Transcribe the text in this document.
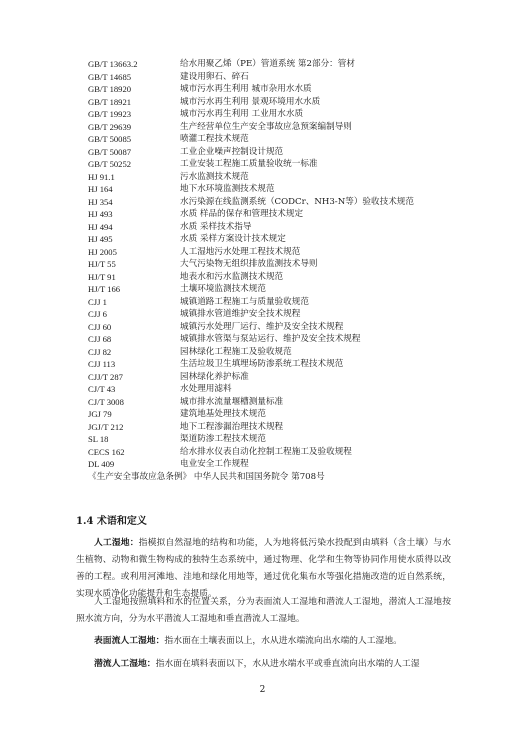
GB/T 13663.2	给水用聚乙烯（PE）管道系统 第2部分：管材
GB/T 14685	建设用卵石、碎石
GB/T 18920	城市污水再生利用 城市杂用水水质
GB/T 18921	城市污水再生利用 景观环境用水水质
GB/T 19923	城市污水再生利用 工业用水水质
GB/T 29639	生产经营单位生产安全事故应急预案编制导则
GB/T 50085	喷灌工程技术规范
GB/T 50087	工业企业噪声控制设计规范
GB/T 50252	工业安装工程施工质量验收统一标准
HJ 91.1	污水监测技术规范
HJ 164	地下水环境监测技术规范
HJ 354	水污染源在线监测系统（CODCr、NH3-N等）验收技术规范
HJ 493	水质 样品的保存和管理技术规定
HJ 494	水质 采样技术指导
HJ 495	水质 采样方案设计技术规定
HJ 2005	人工湿地污水处理工程技术规范
HJ/T 55	大气污染物无组织排放监测技术导则
HJ/T 91	地表水和污水监测技术规范
HJ/T 166	土壤环境监测技术规范
CJJ 1	城镇道路工程施工与质量验收规范
CJJ 6	城镇排水管道维护安全技术规程
CJJ 60	城镇污水处理厂运行、维护及安全技术规程
CJJ 68	城镇排水管渠与泵站运行、维护及安全技术规程
CJJ 82	园林绿化工程施工及验收规范
CJJ 113	生活垃圾卫生填埋场防渗系统工程技术规范
CJJ/T 287	园林绿化养护标准
CJ/T 43	水处理用滤料
CJ/T 3008	城市排水流量堰槽测量标准
JGJ 79	建筑地基处理技术规范
JGJ/T 212	地下工程渗漏治理技术规程
SL 18	渠道防渗工程技术规范
CECS 162	给水排水仪表自动化控制工程施工及验收规程
DL 409	电业安全工作规程
《生产安全事故应急条例》 中华人民共和国国务院令 第708号
1.4 术语和定义

人工湿地：指模拟自然湿地的结构和功能，人为地将低污染水投配到由填料（含土壤）与水生植物、动物和微生物构成的独特生态系统中，通过物理、化学和生物等协同作用使水质得以改善的工程。或利用河滩地、洼地和绿化用地等，通过优化集布水等强化措施改造的近自然系统，实现水质净化功能提升和生态提质。

人工湿地按照填料和水的位置关系，分为表面流人工湿地和潜流人工湿地，潜流人工湿地按照水流方向，分为水平潜流人工湿地和垂直潜流人工湿地。

表面流人工湿地：指水面在土壤表面以上，水从进水端流向出水端的人工湿地。

潜流人工湿地：指水面在填料表面以下，水从进水端水平或垂直流向出水端的人工湿

2
